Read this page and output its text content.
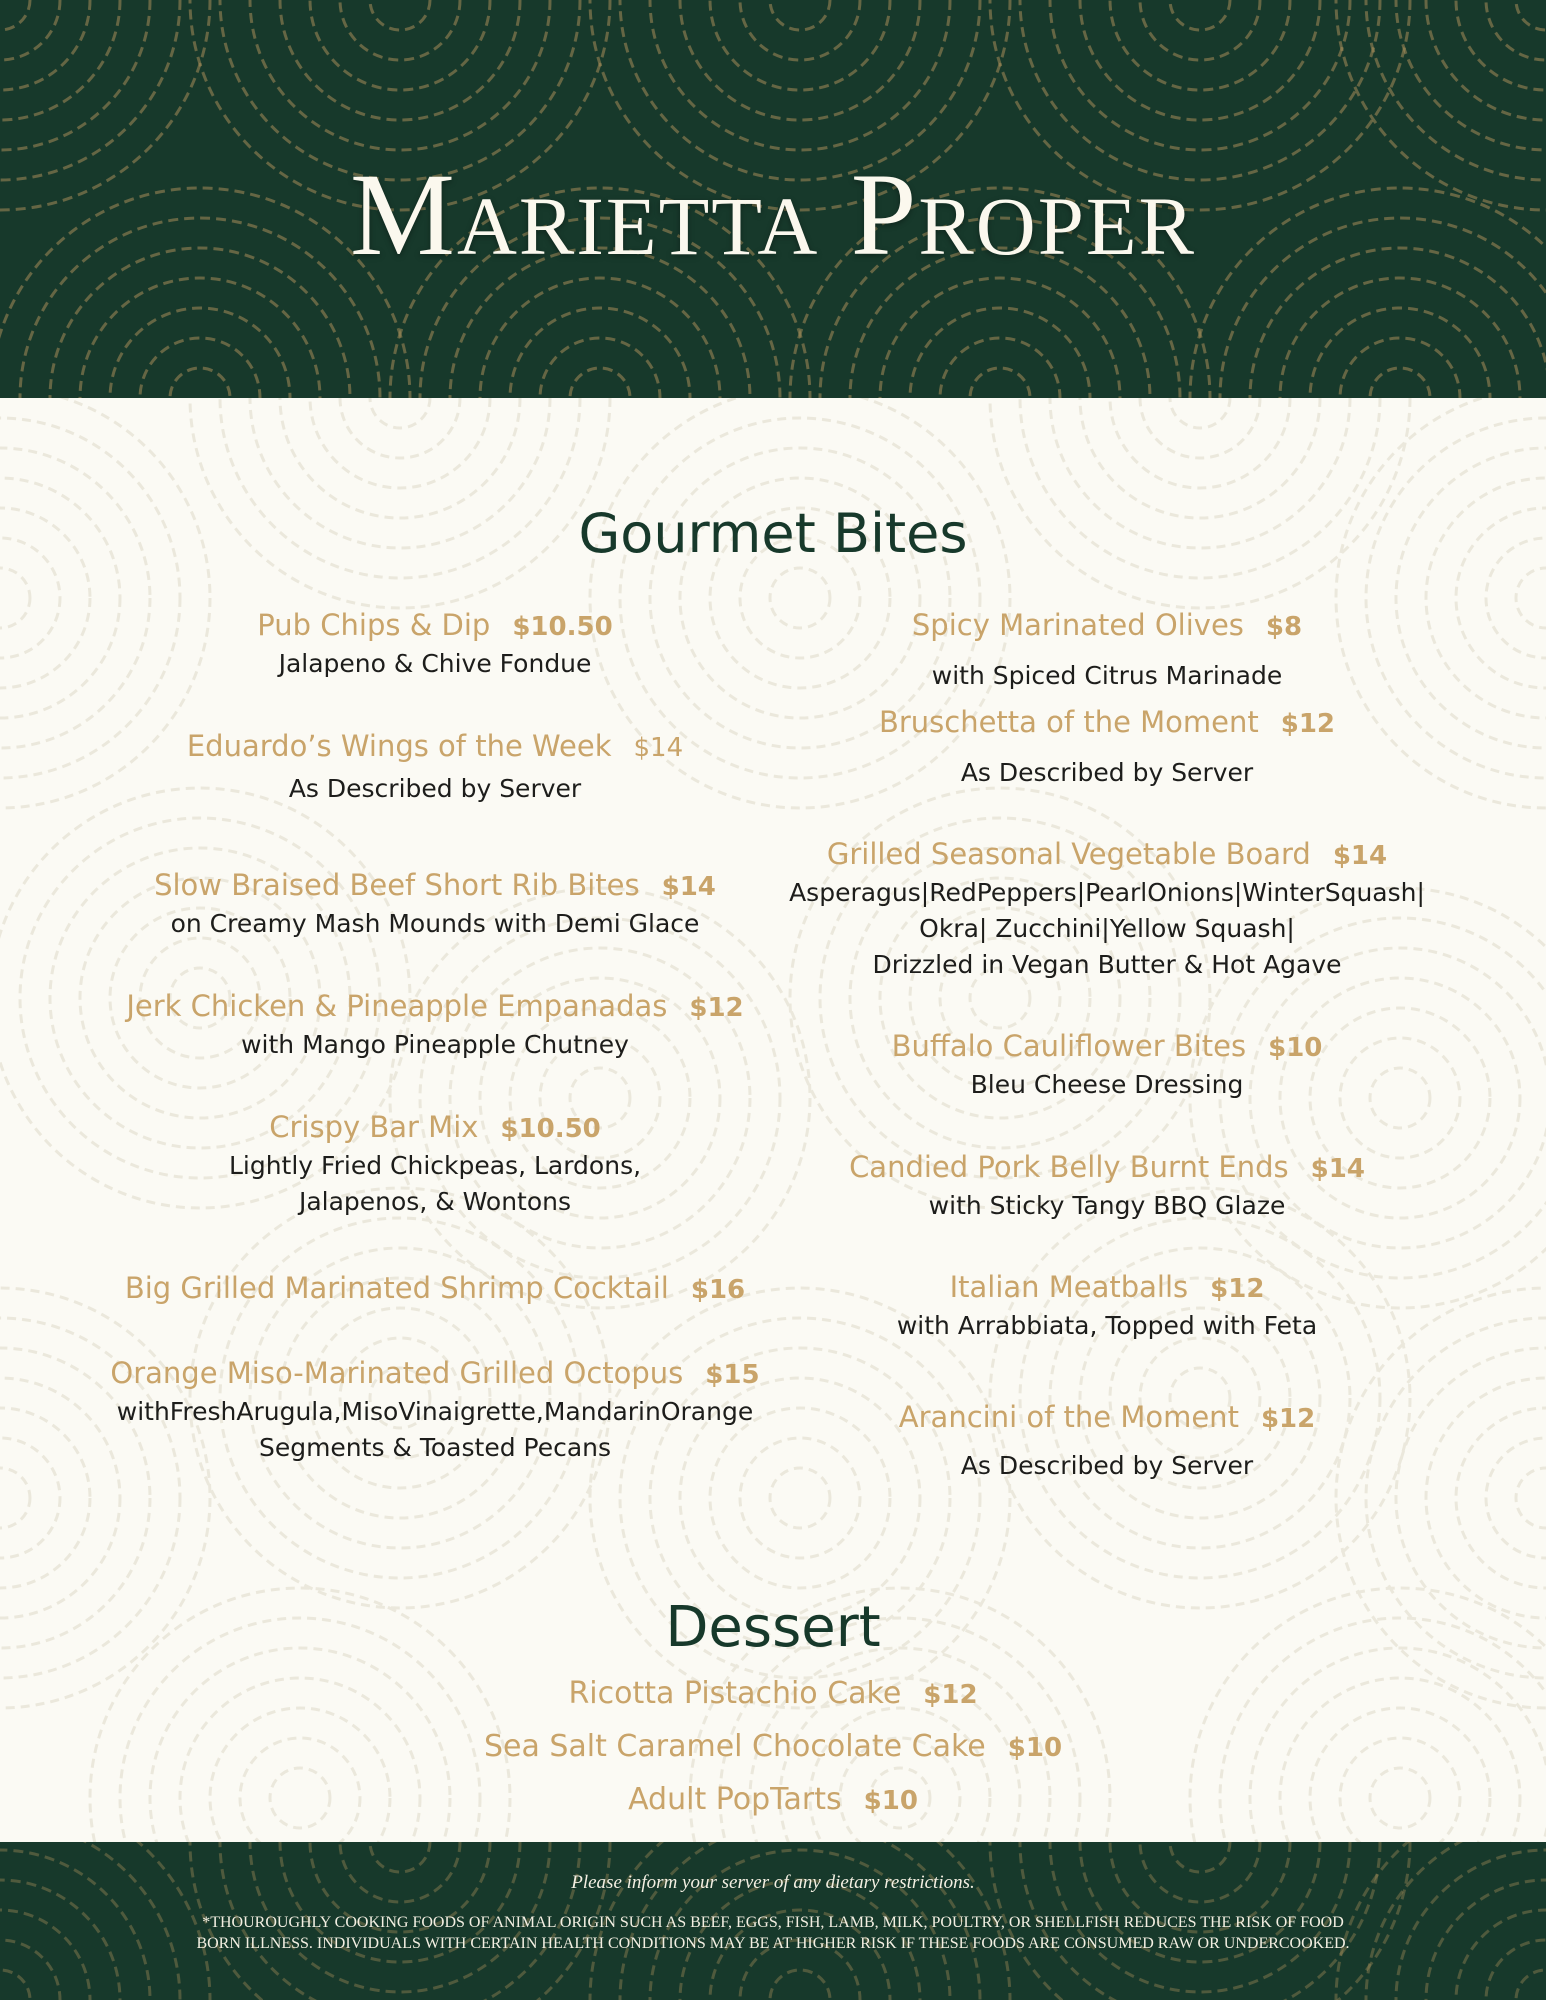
Marietta Proper
Gourmet Bites
Pub Chips & Dip $10.50
Jalapeno & Chive Fondue
Eduardo’s Wings of the Week $14
As Described by Server
Slow Braised Beef Short Rib Bites $14
on Creamy Mash Mounds with Demi Glace
Jerk Chicken & Pineapple Empanadas $12
with Mango Pineapple Chutney
Crispy Bar Mix $10.50
Lightly Fried Chickpeas, Lardons,
Jalapenos, & Wontons
Big Grilled Marinated Shrimp Cocktail $16
Orange Miso-Marinated Grilled Octopus $15
withFreshArugula,MisoVinaigrette,MandarinOrange
Segments & Toasted Pecans
Spicy Marinated Olives $8
with Spiced Citrus Marinade
Bruschetta of the Moment $12
As Described by Server
Grilled Seasonal Vegetable Board $14
Asperagus|RedPeppers|PearlOnions|WinterSquash|
Okra| Zucchini|Yellow Squash|
Drizzled in Vegan Butter & Hot Agave
Buffalo Cauliflower Bites $10
Bleu Cheese Dressing
Candied Pork Belly Burnt Ends $14
with Sticky Tangy BBQ Glaze
Italian Meatballs $12
with Arrabbiata, Topped with Feta
Arancini of the Moment $12
As Described by Server
Dessert
Ricotta Pistachio Cake $12
Sea Salt Caramel Chocolate Cake $10
Adult PopTarts $10
Please inform your server of any dietary restrictions.
*THOUROUGHLY COOKING FOODS OF ANIMAL ORIGIN SUCH AS BEEF, EGGS, FISH, LAMB, MILK, POULTRY, OR SHELLFISH REDUCES THE RISK OF FOOD
BORN ILLNESS. INDIVIDUALS WITH CERTAIN HEALTH CONDITIONS MAY BE AT HIGHER RISK IF THESE FOODS ARE CONSUMED RAW OR UNDERCOOKED.
